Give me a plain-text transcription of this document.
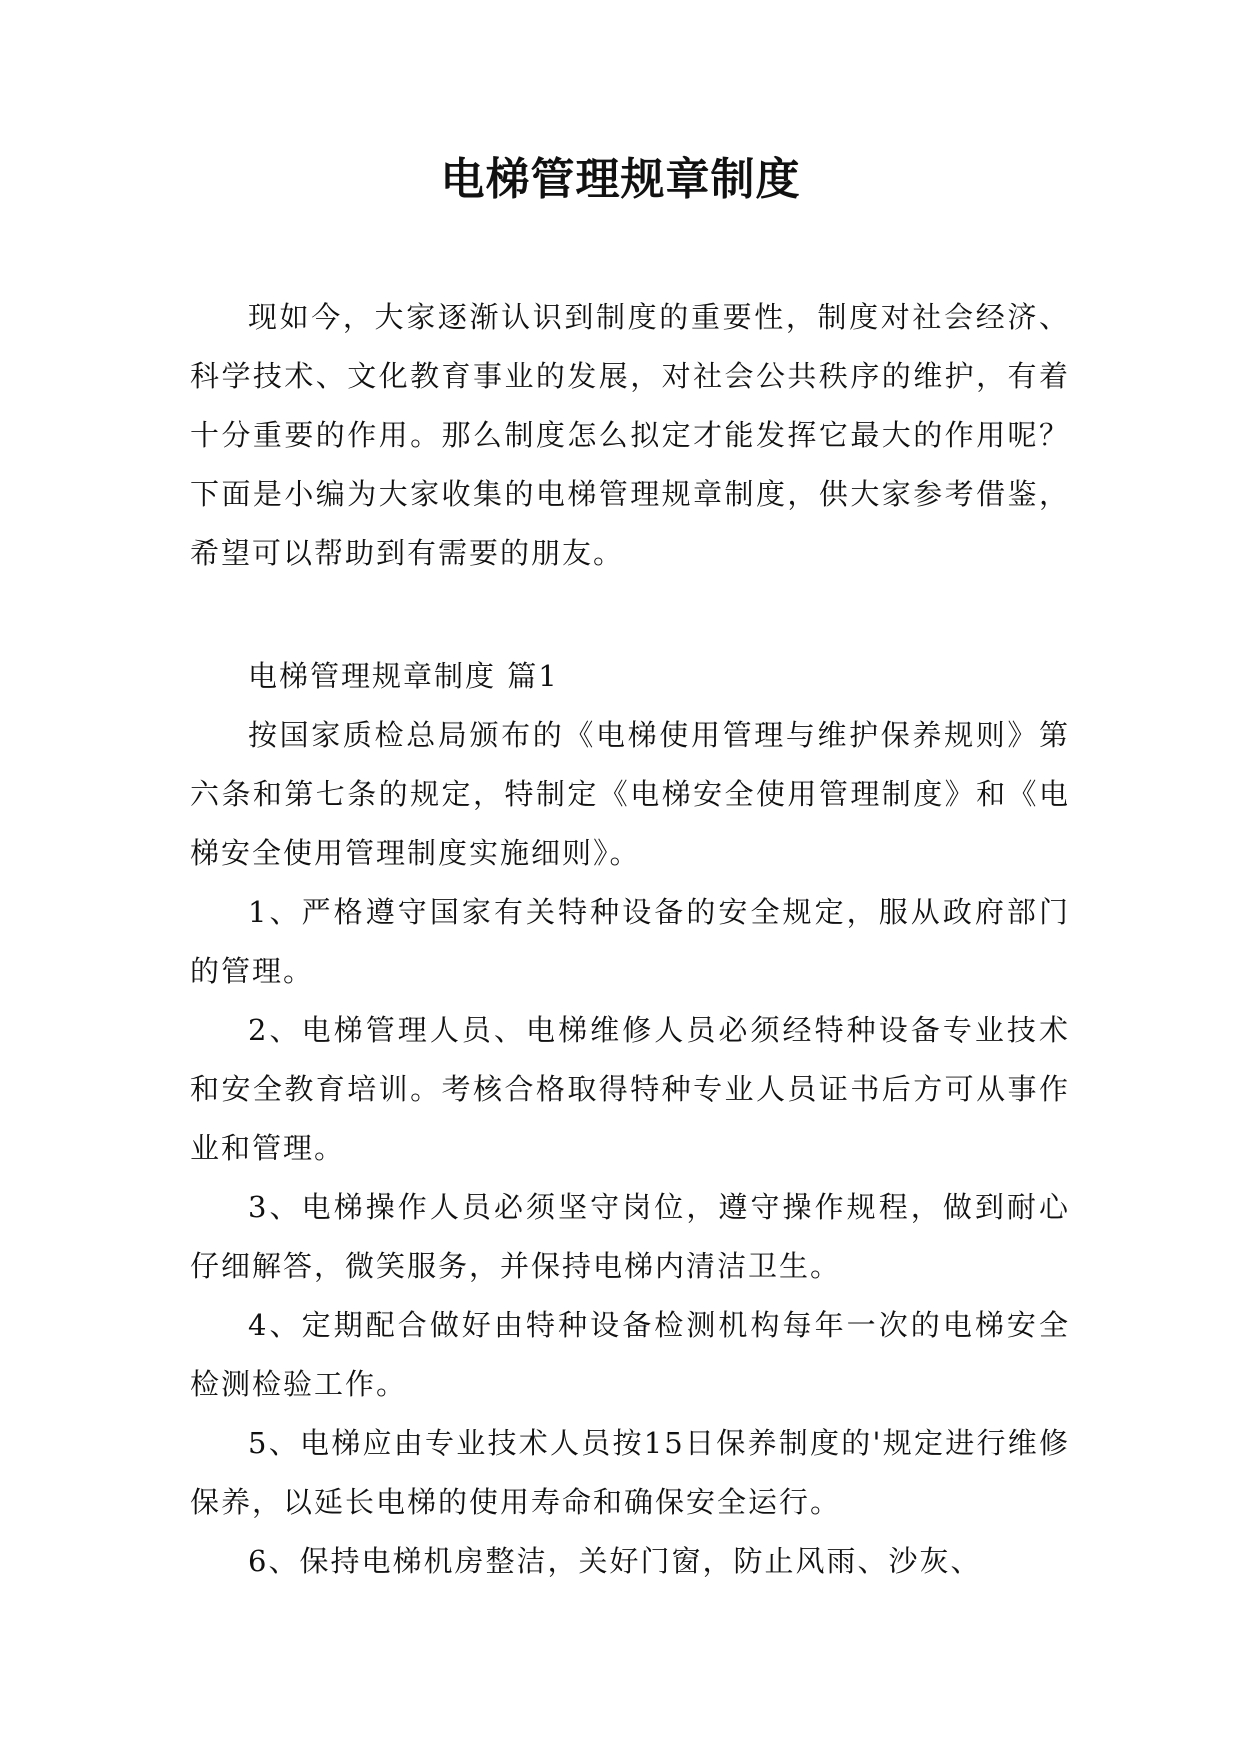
电梯管理规章制度

现如今，大家逐渐认识到制度的重要性，制度对社会经济、科学技术、文化教育事业的发展，对社会公共秩序的维护，有着十分重要的作用。那么制度怎么拟定才能发挥它最大的作用呢？下面是小编为大家收集的电梯管理规章制度，供大家参考借鉴，希望可以帮助到有需要的朋友。

电梯管理规章制度 篇1

按国家质检总局颁布的《电梯使用管理与维护保养规则》第六条和第七条的规定，特制定《电梯安全使用管理制度》和《电梯安全使用管理制度实施细则》。

1、严格遵守国家有关特种设备的安全规定，服从政府部门的管理。

2、电梯管理人员、电梯维修人员必须经特种设备专业技术和安全教育培训。考核合格取得特种专业人员证书后方可从事作业和管理。

3、电梯操作人员必须坚守岗位，遵守操作规程，做到耐心仔细解答，微笑服务，并保持电梯内清洁卫生。

4、定期配合做好由特种设备检测机构每年一次的电梯安全检测检验工作。

5、电梯应由专业技术人员按15日保养制度的'规定进行维修保养，以延长电梯的使用寿命和确保安全运行。

6、保持电梯机房整洁，关好门窗，防止风雨、沙灰、
